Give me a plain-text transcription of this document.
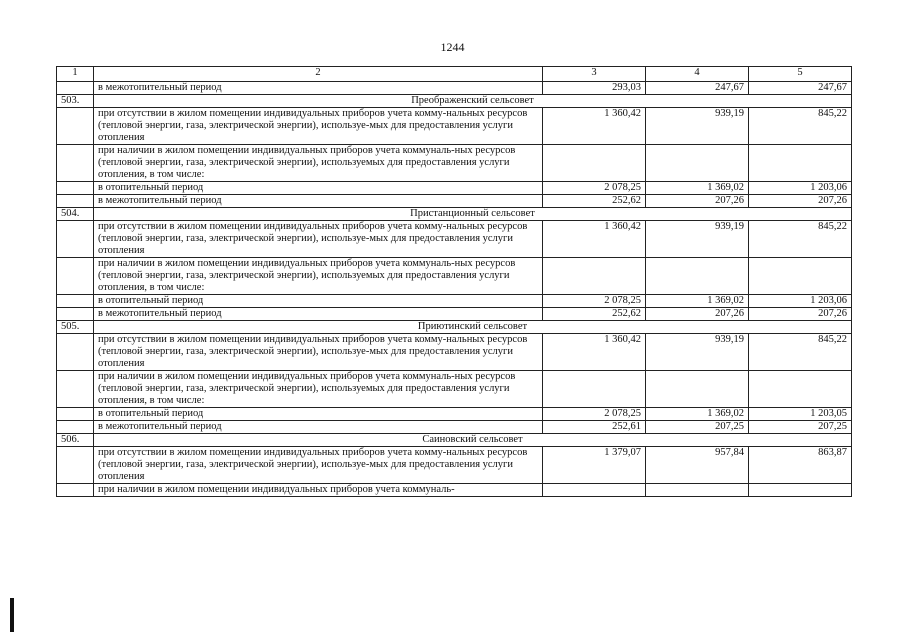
1244
1	2	3	4	5
	в межотопительный период	293,03	247,67	247,67
503.	Преображенский сельсовет			
	при отсутствии в жилом помещении индивидуальных приборов учета комму-нальных ресурсов (тепловой энергии, газа, электрической энергии), используе-мых для предоставления услуги отопления	1 360,42	939,19	845,22
	при наличии в жилом помещении индивидуальных приборов учета коммуналь-ных ресурсов (тепловой энергии, газа, электрической энергии), используемых для предоставления услуги отопления, в том числе:			
	в отопительный период	2 078,25	1 369,02	1 203,06
	в межотопительный период	252,62	207,26	207,26
504.	Пристанционный сельсовет			
	при отсутствии в жилом помещении индивидуальных приборов учета комму-нальных ресурсов (тепловой энергии, газа, электрической энергии), используе-мых для предоставления услуги отопления	1 360,42	939,19	845,22
	при наличии в жилом помещении индивидуальных приборов учета коммуналь-ных ресурсов (тепловой энергии, газа, электрической энергии), используемых для предоставления услуги отопления, в том числе:			
	в отопительный период	2 078,25	1 369,02	1 203,06
	в межотопительный период	252,62	207,26	207,26
505.	Приютинский сельсовет			
	при отсутствии в жилом помещении индивидуальных приборов учета комму-нальных ресурсов (тепловой энергии, газа, электрической энергии), используе-мых для предоставления услуги отопления	1 360,42	939,19	845,22
	при наличии в жилом помещении индивидуальных приборов учета коммуналь-ных ресурсов (тепловой энергии, газа, электрической энергии), используемых для предоставления услуги отопления, в том числе:			
	в отопительный период	2 078,25	1 369,02	1 203,05
	в межотопительный период	252,61	207,25	207,25
506.	Саиновский сельсовет			
	при отсутствии в жилом помещении индивидуальных приборов учета комму-нальных ресурсов (тепловой энергии, газа, электрической энергии), используе-мых для предоставления услуги отопления	1 379,07	957,84	863,87
	при наличии в жилом помещении индивидуальных приборов учета коммуналь-			
